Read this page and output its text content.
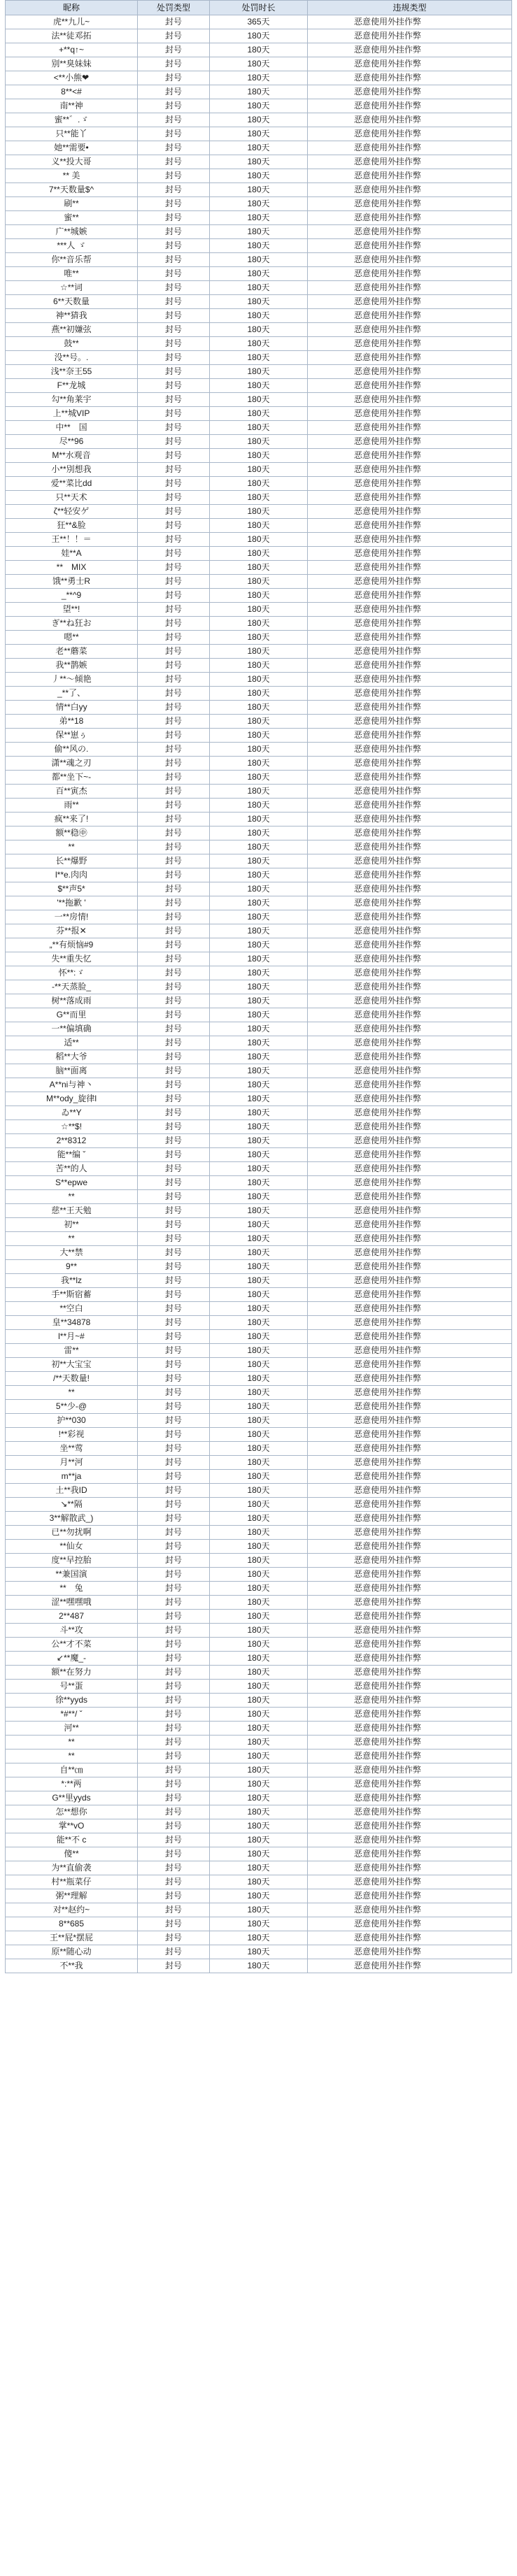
昵称	处罚类型	处罚时长	违规类型
虎**九儿~	封号	365天	恶意使用外挂作弊
法**徒邓拓	封号	180天	恶意使用外挂作弊
+**q↑~	封号	180天	恶意使用外挂作弊
别**臭妹妹	封号	180天	恶意使用外挂作弊
<**小熊❤	封号	180天	恶意使用外挂作弊
8**<#	封号	180天	恶意使用外挂作弊
南**神	封号	180天	恶意使用外挂作弊
蜜**゛.ゞ	封号	180天	恶意使用外挂作弊
只**能丫	封号	180天	恶意使用外挂作弊
她**需要•	封号	180天	恶意使用外挂作弊
义**投大哥	封号	180天	恶意使用外挂作弊
** 美	封号	180天	恶意使用外挂作弊
7**天数量$^	封号	180天	恶意使用外挂作弊
刷**	封号	180天	恶意使用外挂作弊
蜜**	封号	180天	恶意使用外挂作弊
广**城嫉	封号	180天	恶意使用外挂作弊
***人 ゞ	封号	180天	恶意使用外挂作弊
你**音乐帮	封号	180天	恶意使用外挂作弊
唯**	封号	180天	恶意使用外挂作弊
☆**词	封号	180天	恶意使用外挂作弊
6**天数量	封号	180天	恶意使用外挂作弊
神**猜我	封号	180天	恶意使用外挂作弊
燕**初嫌弦	封号	180天	恶意使用外挂作弊
鼓**	封号	180天	恶意使用外挂作弊
没**号。.	封号	180天	恶意使用外挂作弊
浅**奈王55	封号	180天	恶意使用外挂作弊
F**龙城	封号	180天	恶意使用外挂作弊
勾**角莱宇	封号	180天	恶意使用外挂作弊
上**城VIP	封号	180天	恶意使用外挂作弊
中**　国	封号	180天	恶意使用外挂作弊
尽**96	封号	180天	恶意使用外挂作弊
M**水观音	封号	180天	恶意使用外挂作弊
小**別想我	封号	180天	恶意使用外挂作弊
爱**菜比dd	封号	180天	恶意使用外挂作弊
只**天术	封号	180天	恶意使用外挂作弊
ζ**轻安ゲ	封号	180天	恶意使用外挂作弊
狂**&脸	封号	180天	恶意使用外挂作弊
王**！！＝	封号	180天	恶意使用外挂作弊
娃**A	封号	180天	恶意使用外挂作弊
**　MIX	封号	180天	恶意使用外挂作弊
饿**勇士R	封号	180天	恶意使用外挂作弊
_**^9	封号	180天	恶意使用外挂作弊
望**!	封号	180天	恶意使用外挂作弊
ぎ**ね狂お	封号	180天	恶意使用外挂作弊
嗯**	封号	180天	恶意使用外挂作弊
老**蘑菜	封号	180天	恶意使用外挂作弊
我**鹊嫉	封号	180天	恶意使用外挂作弊
丿**～倾艳	封号	180天	恶意使用外挂作弊
_**了、	封号	180天	恶意使用外挂作弊
情**白yy	封号	180天	恶意使用外挂作弊
弟**18	封号	180天	恶意使用外挂作弊
保**崽ぅ	封号	180天	恶意使用外挂作弊
偷**风の.	封号	180天	恶意使用外挂作弊
潇**魂之刃	封号	180天	恶意使用外挂作弊
都**坐下~-	封号	180天	恶意使用外挂作弊
百**寅杰	封号	180天	恶意使用外挂作弊
雨**	封号	180天	恶意使用外挂作弊
疯**来了!	封号	180天	恶意使用外挂作弊
额**稳㊥	封号	180天	恶意使用外挂作弊
**	封号	180天	恶意使用外挂作弊
长**爆野	封号	180天	恶意使用外挂作弊
l**e.肉肉	封号	180天	恶意使用外挂作弊
$**声5*	封号	180天	恶意使用外挂作弊
'**拖歉 '	封号	180天	恶意使用外挂作弊
一**房情!	封号	180天	恶意使用外挂作弊
芬**报✕	封号	180天	恶意使用外挂作弊
„**有烦恼#9	封号	180天	恶意使用外挂作弊
失**重失忆	封号	180天	恶意使用外挂作弊
怀**:ゞ	封号	180天	恶意使用外挂作弊
-**天蒸脸_	封号	180天	恶意使用外挂作弊
树**落成雨	封号	180天	恶意使用外挂作弊
G**而里	封号	180天	恶意使用外挂作弊
一**偏填确	封号	180天	恶意使用外挂作弊
适**	封号	180天	恶意使用外挂作弊
稻**大爷	封号	180天	恶意使用外挂作弊
脑**面离	封号	180天	恶意使用外挂作弊
A**ni与神丶	封号	180天	恶意使用外挂作弊
M**ody_旋律l	封号	180天	恶意使用外挂作弊
ゐ**Y	封号	180天	恶意使用外挂作弊
☆**$!	封号	180天	恶意使用外挂作弊
2**8312	封号	180天	恶意使用外挂作弊
能**编 ˇ	封号	180天	恶意使用外挂作弊
苦**的人	封号	180天	恶意使用外挂作弊
S**epwe	封号	180天	恶意使用外挂作弊
**	封号	180天	恶意使用外挂作弊
慈**王天勉	封号	180天	恶意使用外挂作弊
初**	封号	180天	恶意使用外挂作弊
**	封号	180天	恶意使用外挂作弊
大**禁	封号	180天	恶意使用外挂作弊
9**	封号	180天	恶意使用外挂作弊
我**lz	封号	180天	恶意使用外挂作弊
手**斯宿蓄	封号	180天	恶意使用外挂作弊
**空白	封号	180天	恶意使用外挂作弊
皇**34878	封号	180天	恶意使用外挂作弊
l**月~#	封号	180天	恶意使用外挂作弊
雷**	封号	180天	恶意使用外挂作弊
初**大宝宝	封号	180天	恶意使用外挂作弊
/**天数量!	封号	180天	恶意使用外挂作弊
**	封号	180天	恶意使用外挂作弊
5**少-@	封号	180天	恶意使用外挂作弊
护**030	封号	180天	恶意使用外挂作弊
!**彩视	封号	180天	恶意使用外挂作弊
坐**莺	封号	180天	恶意使用外挂作弊
月**河	封号	180天	恶意使用外挂作弊
m**ja	封号	180天	恶意使用外挂作弊
土**我ID	封号	180天	恶意使用外挂作弊
↘**隔	封号	180天	恶意使用外挂作弊
3**解散武_)	封号	180天	恶意使用外挂作弊
已**勿扰啊	封号	180天	恶意使用外挂作弊
**仙女	封号	180天	恶意使用外挂作弊
度**早控胎	封号	180天	恶意使用外挂作弊
**兼国演	封号	180天	恶意使用外挂作弊
**　兔	封号	180天	恶意使用外挂作弊
涩**嘿嘿哦	封号	180天	恶意使用外挂作弊
2**487	封号	180天	恶意使用外挂作弊
斗**攻	封号	180天	恶意使用外挂作弊
公**才不菜	封号	180天	恶意使用外挂作弊
↙**魔_-	封号	180天	恶意使用外挂作弊
额**在努力	封号	180天	恶意使用外挂作弊
号**蛋	封号	180天	恶意使用外挂作弊
徐**yyds	封号	180天	恶意使用外挂作弊
*#**/ ˇ	封号	180天	恶意使用外挂作弊
河**	封号	180天	恶意使用外挂作弊
**	封号	180天	恶意使用外挂作弊
**	封号	180天	恶意使用外挂作弊
自**㎝	封号	180天	恶意使用外挂作弊
*:**两	封号	180天	恶意使用外挂作弊
G**里yyds	封号	180天	恶意使用外挂作弊
怎**想你	封号	180天	恶意使用外挂作弊
掌**vO	封号	180天	恶意使用外挂作弊
能**不 c	封号	180天	恶意使用外挂作弊
傻**	封号	180天	恶意使用外挂作弊
为**直偷袭	封号	180天	恶意使用外挂作弊
村**瓶菜仔	封号	180天	恶意使用外挂作弊
粥**理解	封号	180天	恶意使用外挂作弊
对**赵约~	封号	180天	恶意使用外挂作弊
8**685	封号	180天	恶意使用外挂作弊
王**屁*摆屁	封号	180天	恶意使用外挂作弊
原**随心动	封号	180天	恶意使用外挂作弊
不**我	封号	180天	恶意使用外挂作弊
